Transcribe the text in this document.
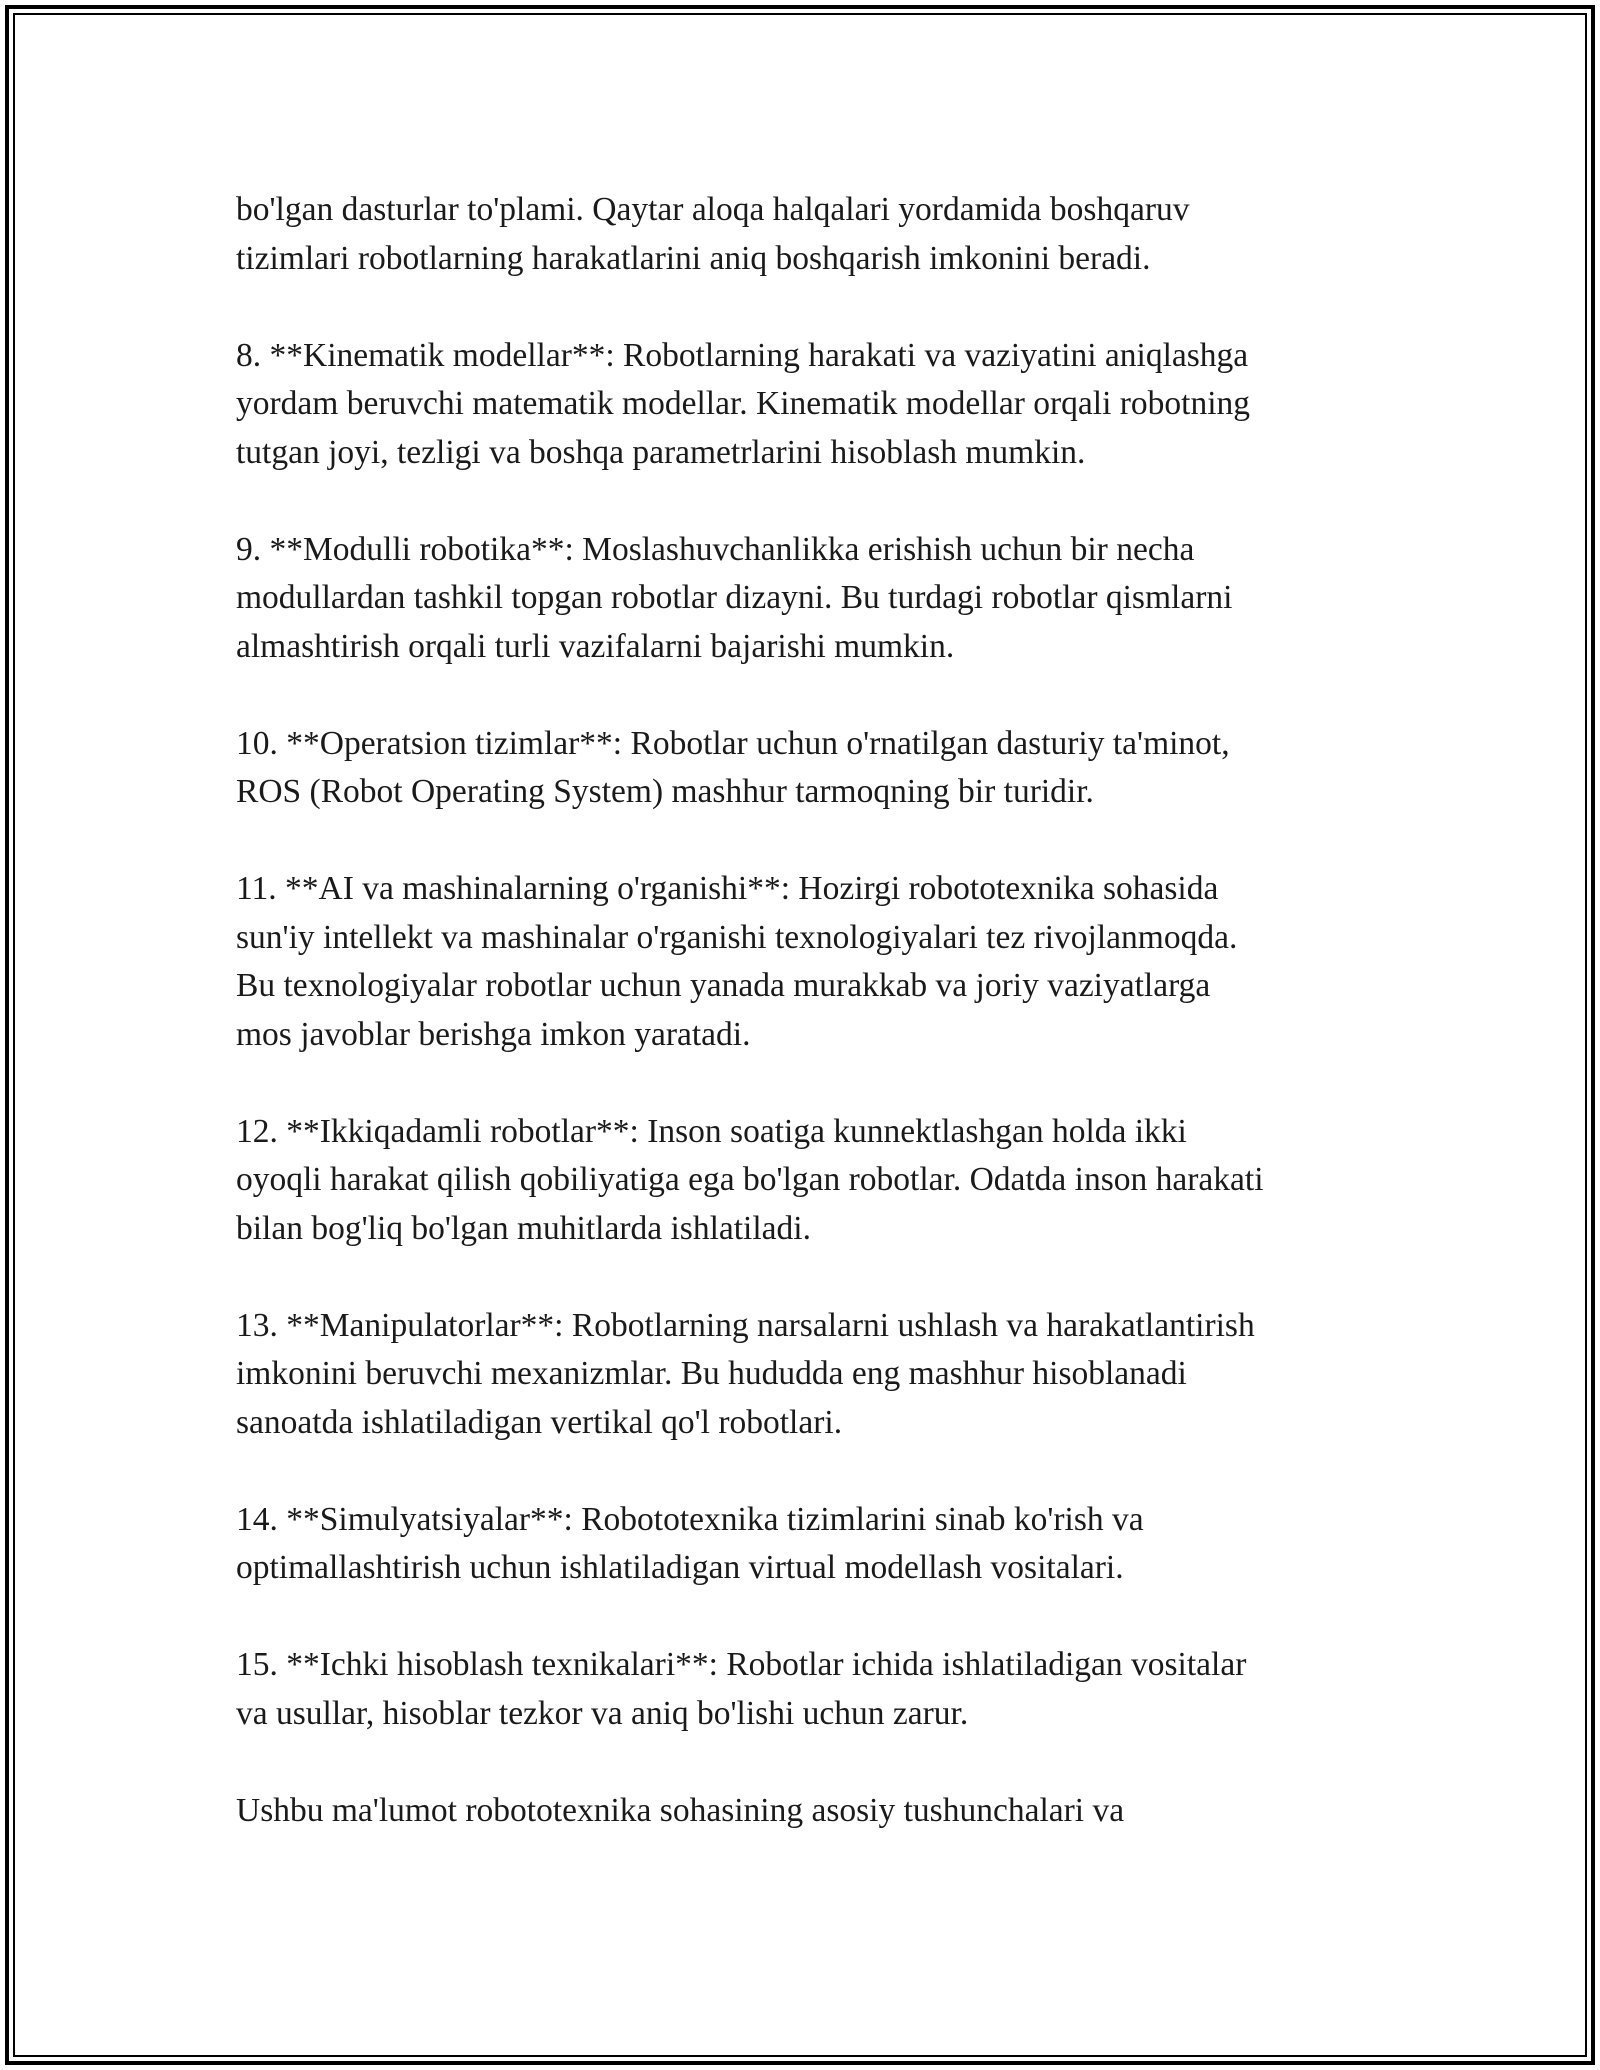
bo'lgan dasturlar to'plami. Qaytar aloqa halqalari yordamida boshqaruv
tizimlari robotlarning harakatlarini aniq boshqarish imkonini beradi.

8. **Kinematik modellar**: Robotlarning harakati va vaziyatini aniqlashga
yordam beruvchi matematik modellar. Kinematik modellar orqali robotning
tutgan joyi, tezligi va boshqa parametrlarini hisoblash mumkin.

9. **Modulli robotika**: Moslashuvchanlikka erishish uchun bir necha
modullardan tashkil topgan robotlar dizayni. Bu turdagi robotlar qismlarni
almashtirish orqali turli vazifalarni bajarishi mumkin.

10. **Operatsion tizimlar**: Robotlar uchun o'rnatilgan dasturiy ta'minot,
ROS (Robot Operating System) mashhur tarmoqning bir turidir.

11. **AI va mashinalarning o'rganishi**: Hozirgi robototexnika sohasida
sun'iy intellekt va mashinalar o'rganishi texnologiyalari tez rivojlanmoqda.
Bu texnologiyalar robotlar uchun yanada murakkab va joriy vaziyatlarga
mos javoblar berishga imkon yaratadi.

12. **Ikkiqadamli robotlar**: Inson soatiga kunnektlashgan holda ikki
oyoqli harakat qilish qobiliyatiga ega bo'lgan robotlar. Odatda inson harakati
bilan bog'liq bo'lgan muhitlarda ishlatiladi.

13. **Manipulatorlar**: Robotlarning narsalarni ushlash va harakatlantirish
imkonini beruvchi mexanizmlar. Bu hududda eng mashhur hisoblanadi
sanoatda ishlatiladigan vertikal qo'l robotlari.

14. **Simulyatsiyalar**: Robototexnika tizimlarini sinab ko'rish va
optimallashtirish uchun ishlatiladigan virtual modellash vositalari.

15. **Ichki hisoblash texnikalari**: Robotlar ichida ishlatiladigan vositalar
va usullar, hisoblar tezkor va aniq bo'lishi uchun zarur.

Ushbu ma'lumot robototexnika sohasining asosiy tushunchalari va
